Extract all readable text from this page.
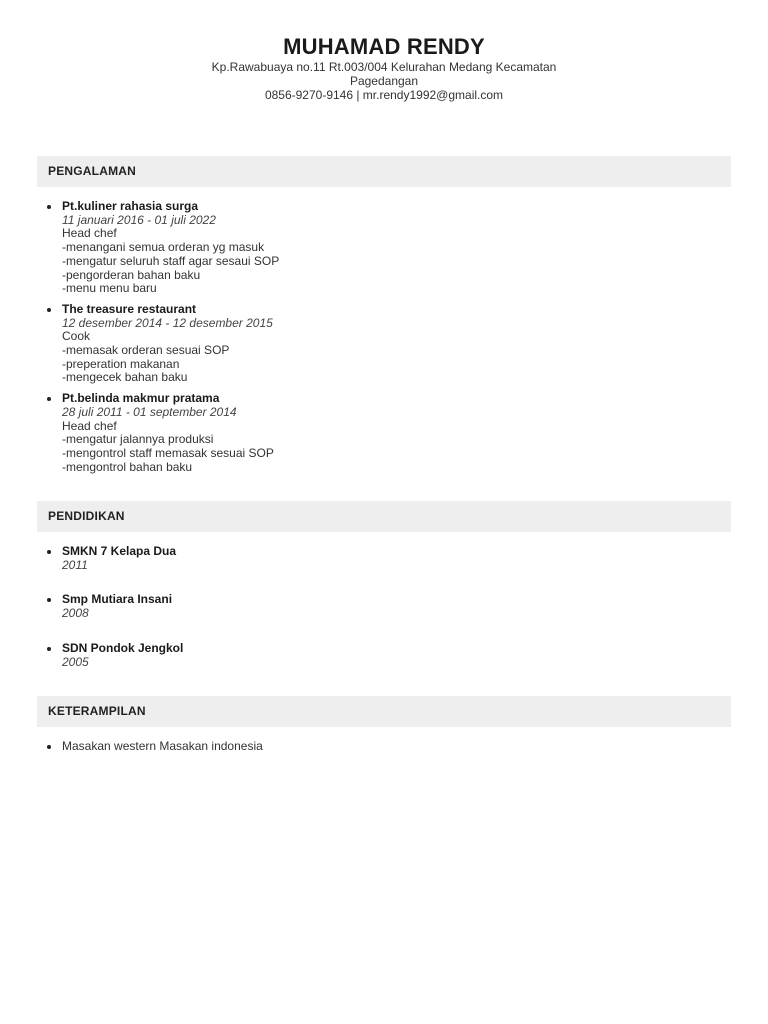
MUHAMAD RENDY
Kp.Rawabuaya no.11 Rt.003/004 Kelurahan Medang Kecamatan
Pagedangan
0856-9270-9146 | mr.rendy1992@gmail.com
PENGALAMAN
Pt.kuliner rahasia surga
11 januari 2016 - 01 juli 2022
Head chef
-menangani semua orderan yg masuk
-mengatur seluruh staff agar sesaui SOP
-pengorderan bahan baku
-menu menu baru
The treasure restaurant
12 desember 2014 - 12 desember 2015
Cook
-memasak orderan sesuai SOP
-preperation makanan
-mengecek bahan baku
Pt.belinda makmur pratama
28 juli 2011 - 01 september 2014
Head chef
-mengatur jalannya produksi
-mengontrol staff memasak sesuai SOP
-mengontrol bahan baku
PENDIDIKAN
SMKN 7 Kelapa Dua
2011
Smp Mutiara Insani
2008
SDN Pondok Jengkol
2005
KETERAMPILAN
Masakan western Masakan indonesia
